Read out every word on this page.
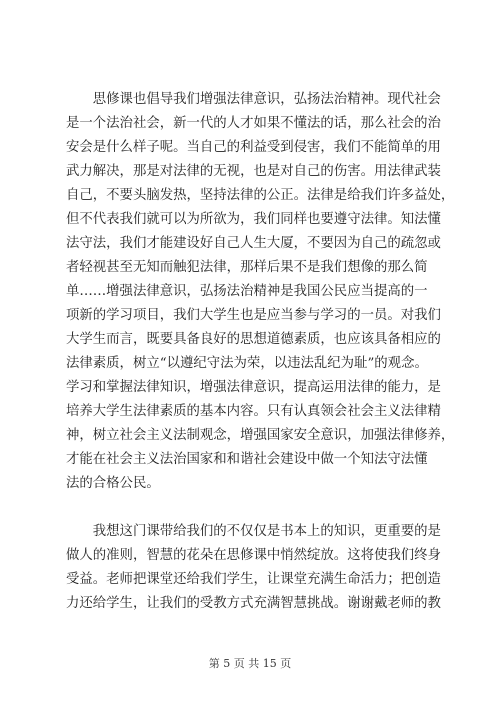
　　思修课也倡导我们增强法律意识，弘扬法治精神。现代社会
是一个法治社会，新一代的人才如果不懂法的话，那么社会的治
安会是什么样子呢。当自己的利益受到侵害，我们不能简单的用
武力解决，那是对法律的无视，也是对自己的伤害。用法律武装
自己，不要头脑发热，坚持法律的公正。法律是给我们许多益处，
但不代表我们就可以为所欲为，我们同样也要遵守法律。知法懂
法守法，我们才能建设好自己人生大厦，不要因为自己的疏忽或
者轻视甚至无知而触犯法律，那样后果不是我们想像的那么简
单……增强法律意识，弘扬法治精神是我国公民应当提高的一
项新的学习项目，我们大学生也是应当参与学习的一员。对我们
大学生而言，既要具备良好的思想道德素质，也应该具备相应的
法律素质，树立“以遵纪守法为荣，以违法乱纪为耻”的观念。
学习和掌握法律知识，增强法律意识，提高运用法律的能力，是
培养大学生法律素质的基本内容。只有认真领会社会主义法律精
神，树立社会主义法制观念，增强国家安全意识，加强法律修养，
才能在社会主义法治国家和和谐社会建设中做一个知法守法懂
法的合格公民。
　　我想这门课带给我们的不仅仅是书本上的知识，更重要的是
做人的准则，智慧的花朵在思修课中悄然绽放。这将使我们终身
受益。老师把课堂还给我们学生，让课堂充满生命活力；把创造
力还给学生，让我们的受教方式充满智慧挑战。谢谢戴老师的教
第 5 页 共 15 页
